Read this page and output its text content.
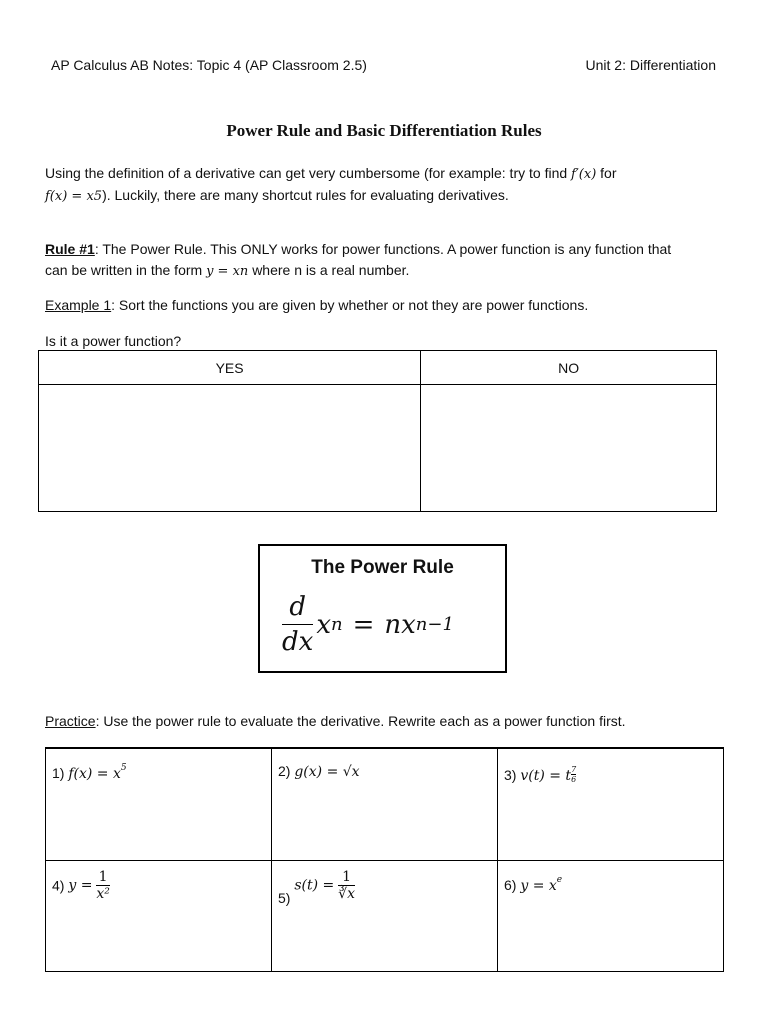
AP Calculus AB Notes: Topic 4 (AP Classroom 2.5)	Unit 2: Differentiation
Power Rule and Basic Differentiation Rules
Using the definition of a derivative can get very cumbersome (for example: try to find f′(x) for
f(x) = x5). Luckily, there are many shortcut rules for evaluating derivatives.
Rule #1: The Power Rule. This ONLY works for power functions. A power function is any function that
can be written in the form y = xn where n is a real number.
Example 1: Sort the functions you are given by whether or not they are power functions.
Is it a power function?
YES	NO

The Power Rule
$\frac{d}{dx}$ x n = nx n−1
Practice: Use the power rule to evaluate the derivative. Rewrite each as a power function first.
1) $f(x) = x^5$	2) g(x) = √x	3) v(t) = t $\frac{7}{6}$

4) $y = \frac{1}{\text{x²}}$	5) $s(t) = \frac{1}{∛x}$	6) $y = x^e$
